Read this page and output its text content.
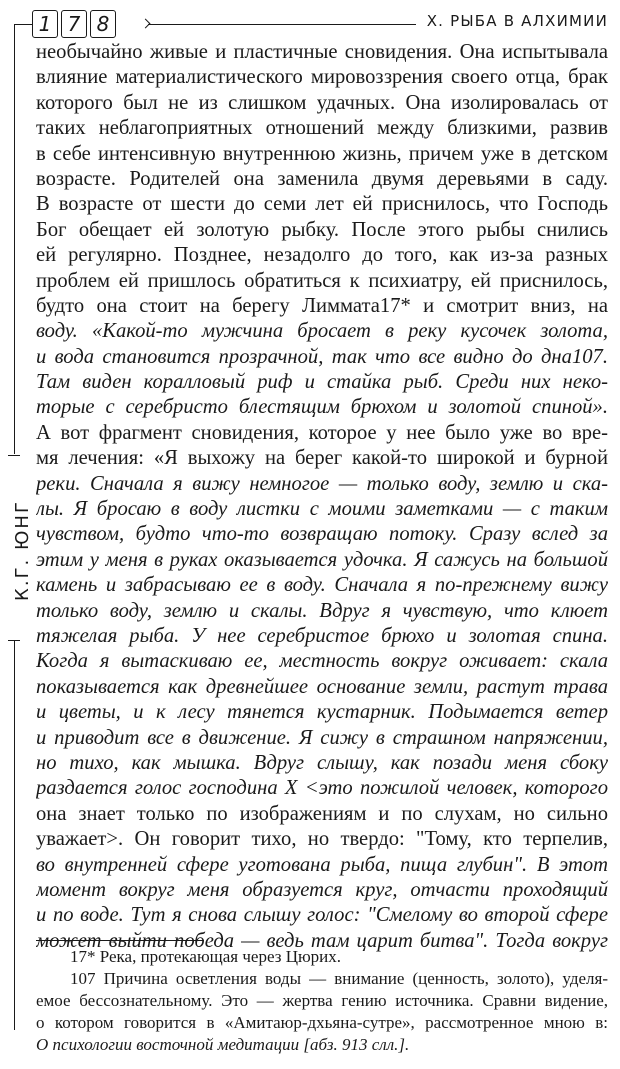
1 7 8	X. РЫБА В АЛХИМИИ
К.Г. ЮНГ
необычайно живые и пластичные сновидения. Она испытывала
влияние материалистического мировоззрения своего отца, брак
которого был не из слишком удачных. Она изолировалась от
таких неблагоприятных отношений между близкими, развив
в себе интенсивную внутреннюю жизнь, причем уже в детском
возрасте. Родителей она заменила двумя деревьями в саду.
В возрасте от шести до семи лет ей приснилось, что Господь
Бог обещает ей золотую рыбку. После этого рыбы снились
ей регулярно. Позднее, незадолго до того, как из-за разных
проблем ей пришлось обратиться к психиатру, ей приснилось,
будто она стоит на берегу Лиммата17* и смотрит вниз, на
воду. «Какой-то мужчина бросает в реку кусочек золота,
и вода становится прозрачной, так что все видно до дна107.
Там виден коралловый риф и стайка рыб. Среди них неко-
торые с серебристо блестящим брюхом и золотой спиной».
А вот фрагмент сновидения, которое у нее было уже во вре-
мя лечения: «Я выхожу на берег какой-то широкой и бурной
реки. Сначала я вижу немногое — только воду, землю и ска-
лы. Я бросаю в воду листки с моими заметками — с таким
чувством, будто что-то возвращаю потоку. Сразу вслед за
этим у меня в руках оказывается удочка. Я сажусь на большой
камень и забрасываю ее в воду. Сначала я по-прежнему вижу
только воду, землю и скалы. Вдруг я чувствую, что клюет
тяжелая рыба. У нее серебристое брюхо и золотая спина.
Когда я вытаскиваю ее, местность вокруг оживает: скала
показывается как древнейшее основание земли, растут трава
и цветы, и к лесу тянется кустарник. Подымается ветер
и приводит все в движение. Я сижу в страшном напряжении,
но тихо, как мышка. Вдруг слышу, как позади меня сбоку
раздается голос господина X <это пожилой человек, которого
она знает только по изображениям и по слухам, но сильно
уважает>. Он говорит тихо, но твердо: "Тому, кто терпелив,
во внутренней сфере уготована рыба, пища глубин". В этот
момент вокруг меня образуется круг, отчасти проходящий
и по воде. Тут я снова слышу голос: "Смелому во второй сфере
может выйти победа — ведь там царит битва". Тогда вокруг
17* Река, протекающая через Цюрих.
107 Причина осветления воды — внимание (ценность, золото), уделя-
емое бессознательному. Это — жертва гению источника. Сравни видение,
о котором говорится в «Амитаюр-дхьяна-сутре», рассмотренное мною в:
О психологии восточной медитации [абз. 913 слл.].
